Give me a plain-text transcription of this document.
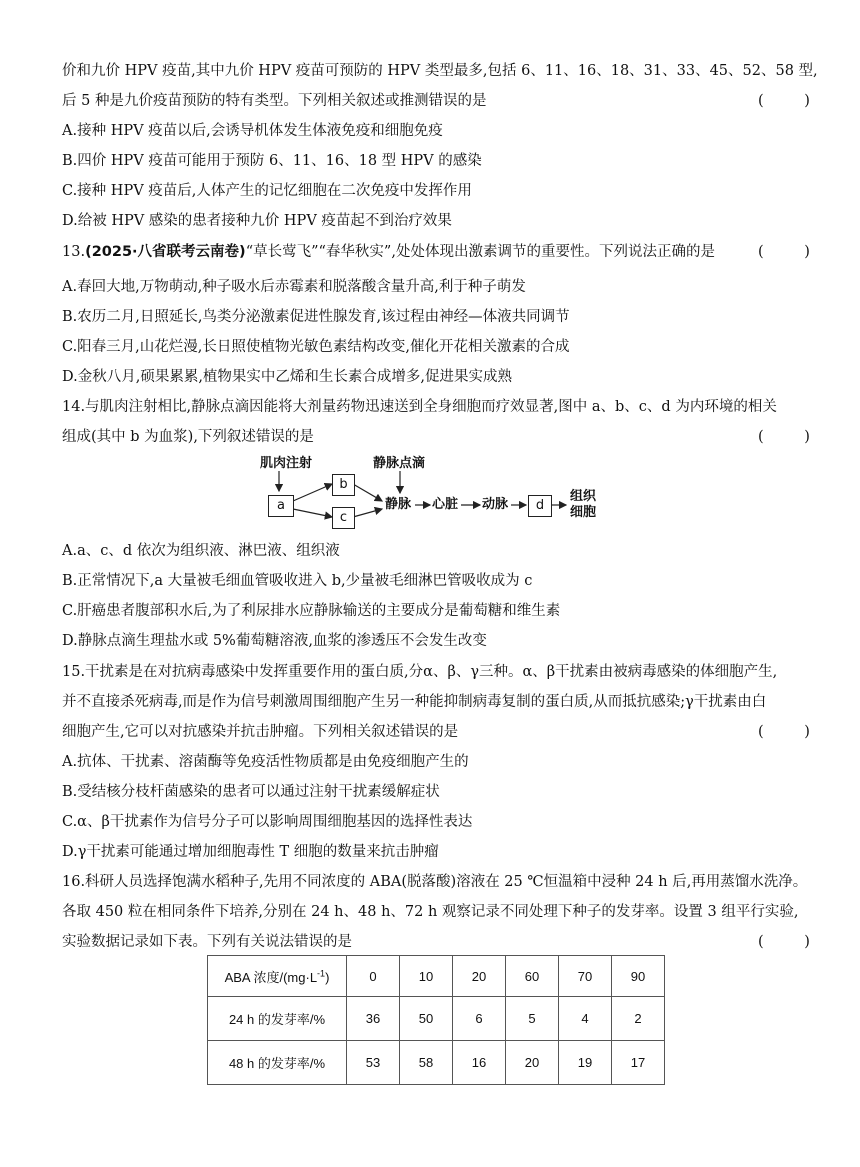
价和九价 HPV 疫苗,其中九价 HPV 疫苗可预防的 HPV 类型最多,包括 6、11、16、18、31、33、45、52、58 型,
后 5 种是九价疫苗预防的特有类型。下列相关叙述或推测错误的是	( )
A.接种 HPV 疫苗以后,会诱导机体发生体液免疫和细胞免疫
B.四价 HPV 疫苗可能用于预防 6、11、16、18 型 HPV 的感染
C.接种 HPV 疫苗后,人体产生的记忆细胞在二次免疫中发挥作用
D.给被 HPV 感染的患者接种九价 HPV 疫苗起不到治疗效果
13.(2025·八省联考云南卷)“草长莺飞”“春华秋实”,处处体现出激素调节的重要性。下列说法正确的是	( )
A.春回大地,万物萌动,种子吸水后赤霉素和脱落酸含量升高,利于种子萌发
B.农历二月,日照延长,鸟类分泌激素促进性腺发育,该过程由神经—体液共同调节
C.阳春三月,山花烂漫,长日照使植物光敏色素结构改变,催化开花相关激素的合成
D.金秋八月,硕果累累,植物果实中乙烯和生长素合成增多,促进果实成熟
14.与肌肉注射相比,静脉点滴因能将大剂量药物迅速送到全身细胞而疗效显著,图中 a、b、c、d 为内环境的相关
组成(其中 b 为血浆),下列叙述错误的是	( )
A.a、c、d 依次为组织液、淋巴液、组织液
B.正常情况下,a 大量被毛细血管吸收进入 b,少量被毛细淋巴管吸收成为 c
C.肝癌患者腹部积水后,为了利尿排水应静脉输送的主要成分是葡萄糖和维生素
D.静脉点滴生理盐水或 5%葡萄糖溶液,血浆的渗透压不会发生改变
15.干扰素是在对抗病毒感染中发挥重要作用的蛋白质,分α、β、γ三种。α、β干扰素由被病毒感染的体细胞产生,
并不直接杀死病毒,而是作为信号刺激周围细胞产生另一种能抑制病毒复制的蛋白质,从而抵抗感染;γ干扰素由白
细胞产生,它可以对抗感染并抗击肿瘤。下列相关叙述错误的是	( )
A.抗体、干扰素、溶菌酶等免疫活性物质都是由免疫细胞产生的
B.受结核分枝杆菌感染的患者可以通过注射干扰素缓解症状
C.α、β干扰素作为信号分子可以影响周围细胞基因的选择性表达
D.γ干扰素可能通过增加细胞毒性 T 细胞的数量来抗击肿瘤
16.科研人员选择饱满水稻种子,先用不同浓度的 ABA(脱落酸)溶液在 25 ℃恒温箱中浸种 24 h 后,再用蒸馏水洗净。
各取 450 粒在相同条件下培养,分别在 24 h、48 h、72 h 观察记录不同处理下种子的发芽率。设置 3 组平行实验,
实验数据记录如下表。下列有关说法错误的是	( )
肌肉注射	静脉点滴
a
b
c
静脉 心脏 动脉	d
组织
细胞
ABA 浓度$/(mg\cdot L^{-1})$	0	10	20	60	70	90
24 h 的发芽率/%	36	50	6	5	4	2
48 h 的发芽率/%	53	58	16	20	19	17
